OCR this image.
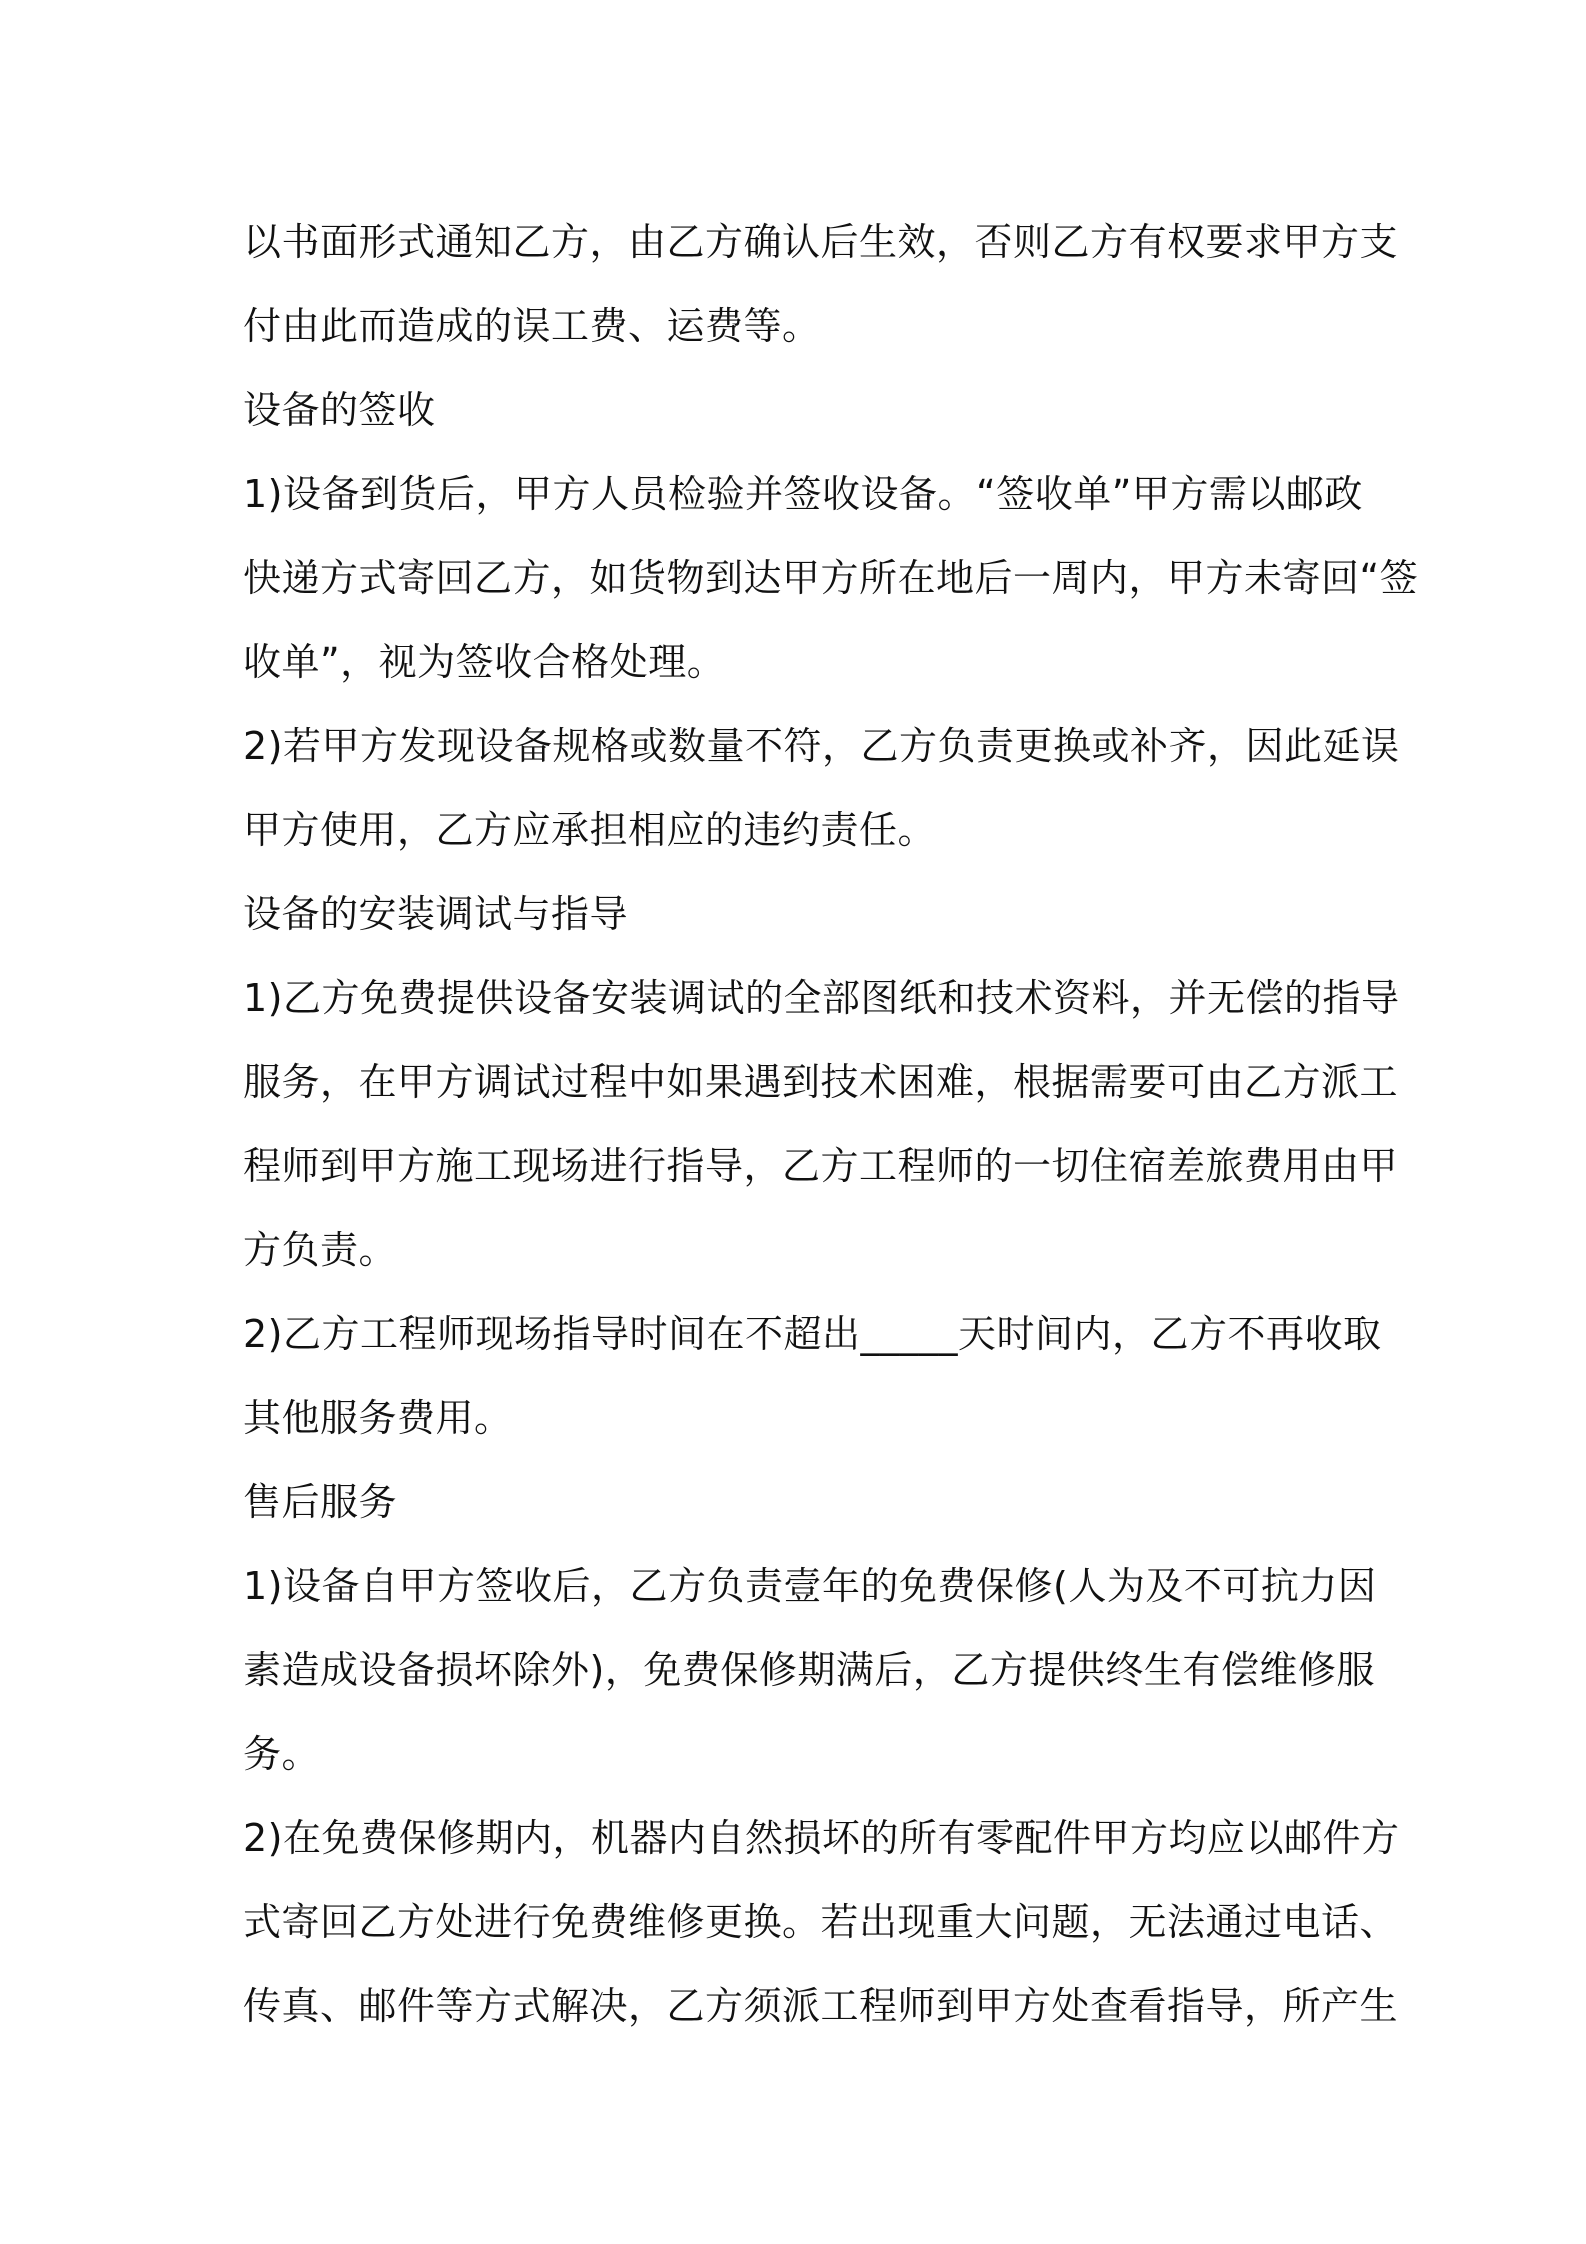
以书面形式通知乙方，由乙方确认后生效，否则乙方有权要求甲方支
付由此而造成的误工费、运费等。
设备的签收
1)设备到货后，甲方人员检验并签收设备。“签收单”甲方需以邮政
快递方式寄回乙方，如货物到达甲方所在地后一周内，甲方未寄回“签
收单”，视为签收合格处理。
2)若甲方发现设备规格或数量不符，乙方负责更换或补齐，因此延误
甲方使用，乙方应承担相应的违约责任。
设备的安装调试与指导
1)乙方免费提供设备安装调试的全部图纸和技术资料，并无偿的指导
服务，在甲方调试过程中如果遇到技术困难，根据需要可由乙方派工
程师到甲方施工现场进行指导，乙方工程师的一切住宿差旅费用由甲
方负责。
2)乙方工程师现场指导时间在不超出_____天时间内，乙方不再收取
其他服务费用。
售后服务
1)设备自甲方签收后，乙方负责壹年的免费保修(人为及不可抗力因
素造成设备损坏除外)，免费保修期满后，乙方提供终生有偿维修服
务。
2)在免费保修期内，机器内自然损坏的所有零配件甲方均应以邮件方
式寄回乙方处进行免费维修更换。若出现重大问题，无法通过电话、
传真、邮件等方式解决，乙方须派工程师到甲方处查看指导，所产生
